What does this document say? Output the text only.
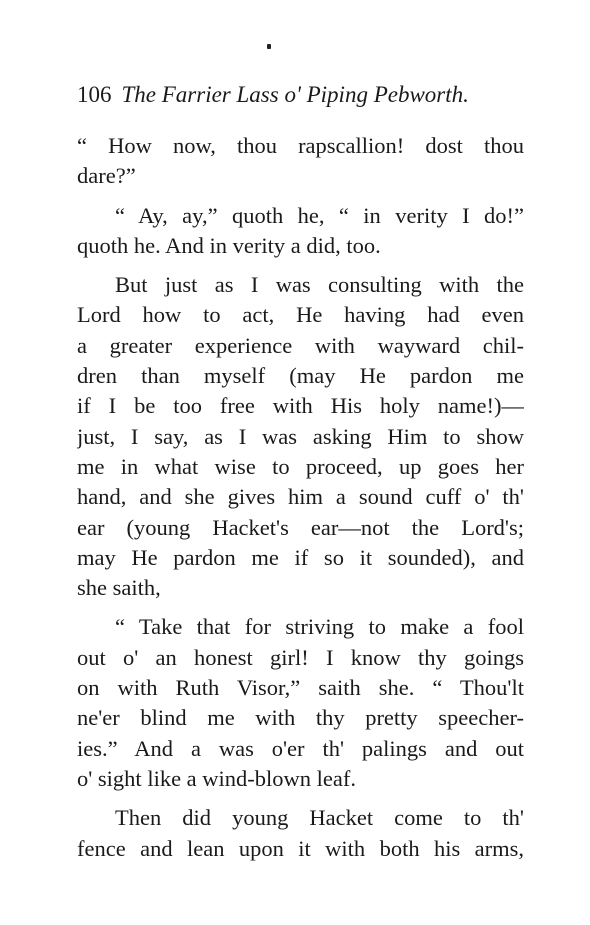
106 The Farrier Lass o' Piping Pebworth.
“ How now, thou rapscallion! dost thou
dare?”
“ Ay, ay,” quoth he, “ in verity I do!”
quoth he. And in verity a did, too.
But just as I was consulting with the
Lord how to act, He having had even
a greater experience with wayward chil-
dren than myself (may He pardon me
if I be too free with His holy name!)—
just, I say, as I was asking Him to show
me in what wise to proceed, up goes her
hand, and she gives him a sound cuff o' th'
ear (young Hacket's ear—not the Lord's;
may He pardon me if so it sounded), and
she saith,
“ Take that for striving to make a fool
out o' an honest girl! I know thy goings
on with Ruth Visor,” saith she. “ Thou'lt
ne'er blind me with thy pretty speecher-
ies.” And a was o'er th' palings and out
o' sight like a wind-blown leaf.
Then did young Hacket come to th'
fence and lean upon it with both his arms,
